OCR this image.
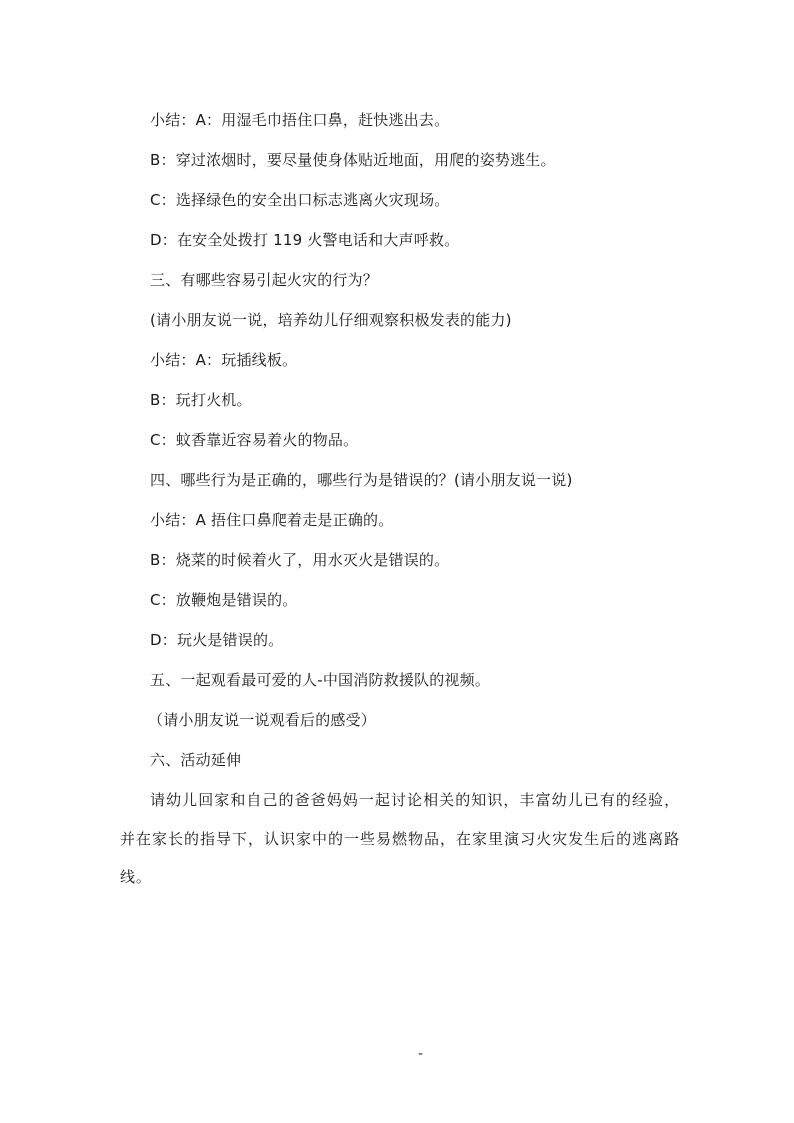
小结：A：用湿毛巾捂住口鼻，赶快逃出去。
B：穿过浓烟时，要尽量使身体贴近地面，用爬的姿势逃生。
C：选择绿色的安全出口标志逃离火灾现场。
D：在安全处拨打 119 火警电话和大声呼救。
三、有哪些容易引起火灾的行为？
(请小朋友说一说，培养幼儿仔细观察积极发表的能力)
小结：A：玩插线板。
B：玩打火机。
C：蚊香靠近容易着火的物品。
四、哪些行为是正确的，哪些行为是错误的？(请小朋友说一说)
小结：A 捂住口鼻爬着走是正确的。
B：烧菜的时候着火了，用水灭火是错误的。
C：放鞭炮是错误的。
D：玩火是错误的。
五、一起观看最可爱的人-中国消防救援队的视频。
（请小朋友说一说观看后的感受）
六、活动延伸
请幼儿回家和自己的爸爸妈妈一起讨论相关的知识，丰富幼儿已有的经验，并在家长的指导下，认识家中的一些易燃物品，在家里演习火灾发生后的逃离路线。
-
